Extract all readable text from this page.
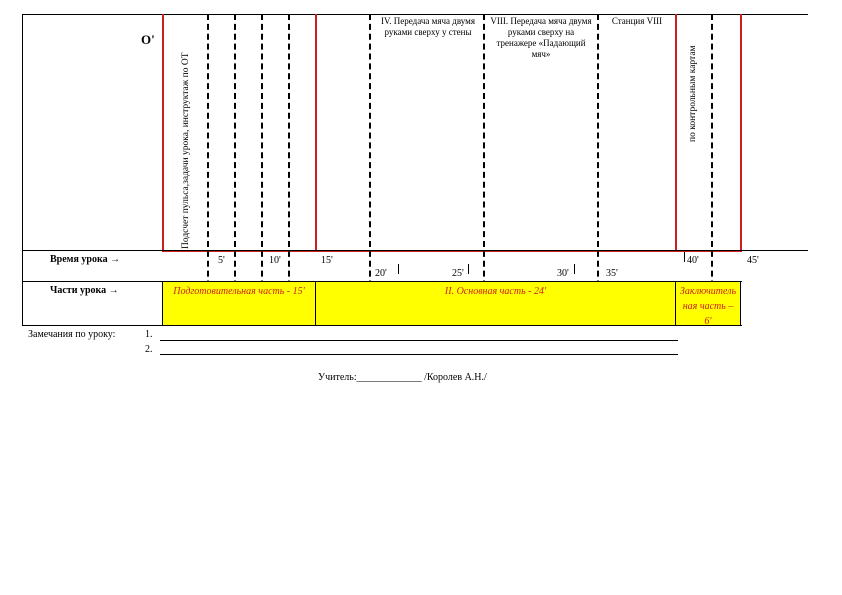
O'
Подсчет пульса,задачи урока, инструктаж по ОТ	по контрольным картам
IV. Передача мяча двумя руками сверху у стены
VIII. Передача мяча двумя руками сверху на тренажере «Падающий мяч»
Станция VIII
Время урока →	5'	10'	15'
20'	25'	30'	35'
40'	45'
Части урока →	Подготовительная часть - 15'	II. Основная часть - 24'	Заключительная часть – 6'
Замечания по уроку:	1.
2.
Учитель:_____________ /Королев А.Н./
